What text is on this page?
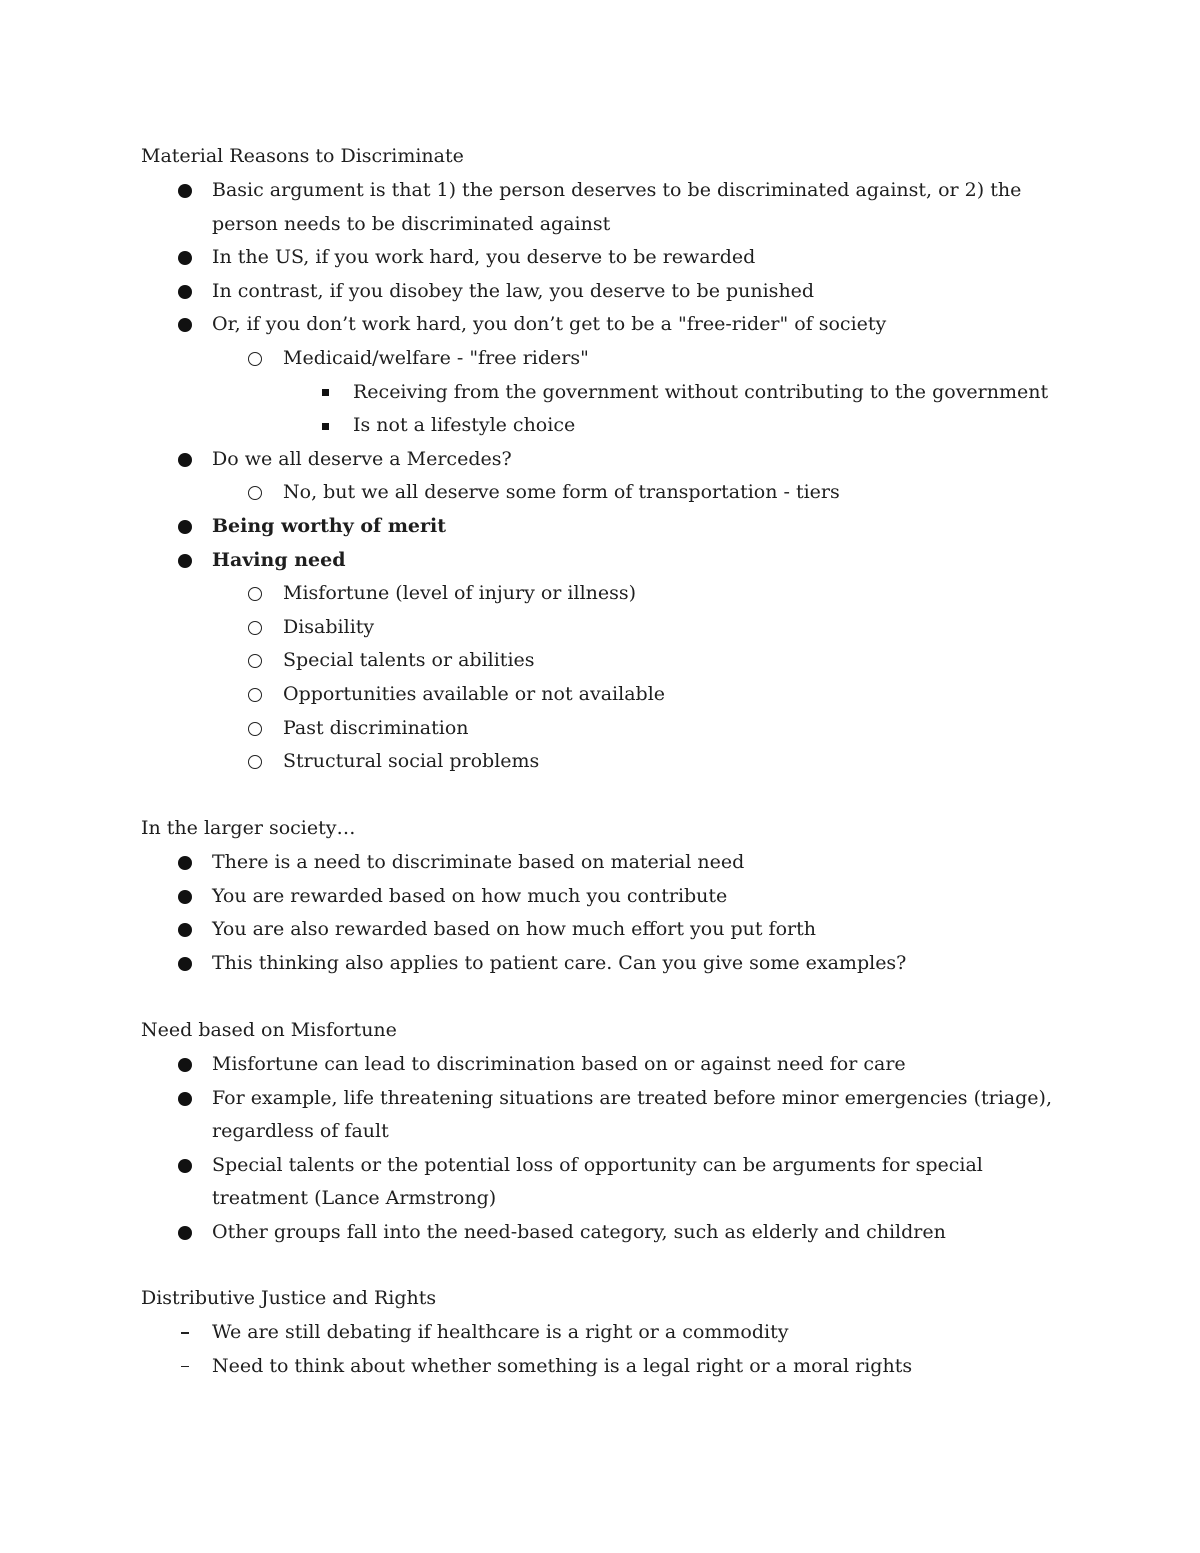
Material Reasons to Discriminate
Basic argument is that 1) the person deserves to be discriminated against, or 2) the person needs to be discriminated against
In the US, if you work hard, you deserve to be rewarded
In contrast, if you disobey the law, you deserve to be punished
Or, if you don’t work hard, you don’t get to be a "free-rider" of society
Medicaid/welfare - "free riders"
Receiving from the government without contributing to the government
Is not a lifestyle choice
Do we all deserve a Mercedes?
No, but we all deserve some form of transportation - tiers
Being worthy of merit
Having need
Misfortune (level of injury or illness)
Disability
Special talents or abilities
Opportunities available or not available
Past discrimination
Structural social problems
In the larger society…
There is a need to discriminate based on material need
You are rewarded based on how much you contribute
You are also rewarded based on how much effort you put forth
This thinking also applies to patient care. Can you give some examples?
Need based on Misfortune
Misfortune can lead to discrimination based on or against need for care
For example, life threatening situations are treated before minor emergencies (triage), regardless of fault
Special talents or the potential loss of opportunity can be arguments for special treatment (Lance Armstrong)
Other groups fall into the need-based category, such as elderly and children
Distributive Justice and Rights
We are still debating if healthcare is a right or a commodity
Need to think about whether something is a legal right or a moral rights
